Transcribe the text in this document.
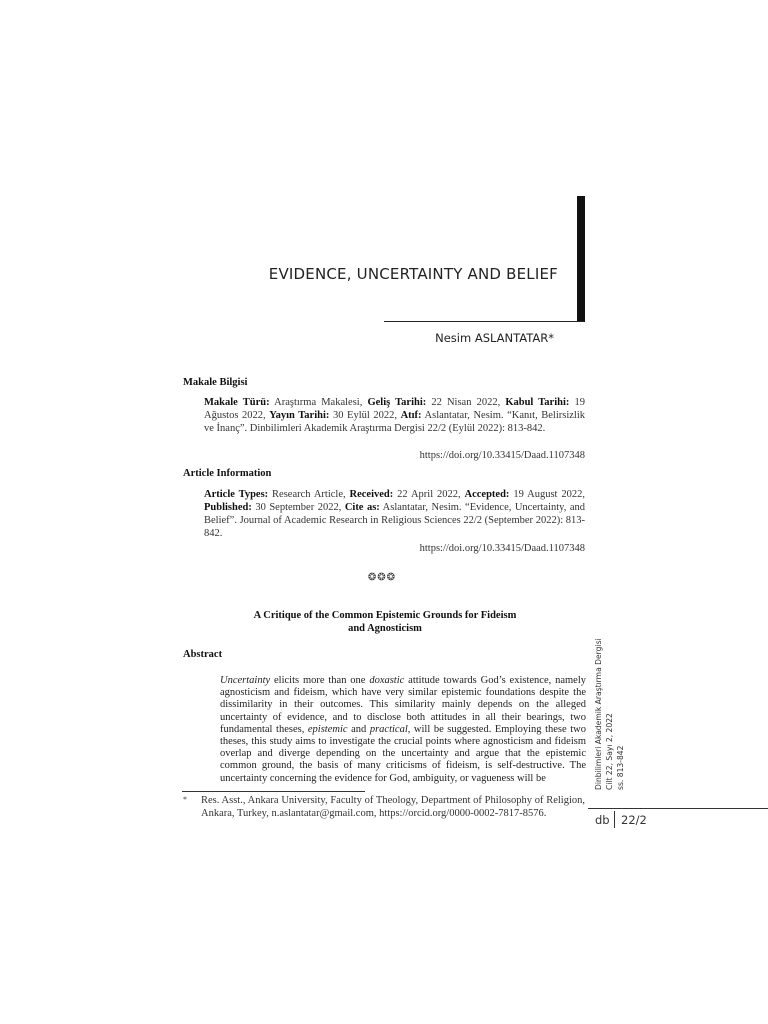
EVIDENCE, UNCERTAINTY AND BELIEF
Nesim ASLANTATAR*
Makale Bilgisi
Makale Türü: Araştırma Makalesi, Geliş Tarihi: 22 Nisan 2022, Kabul Tarihi: 19 Ağustos 2022, Yayın Tarihi: 30 Eylül 2022, Atıf: Aslantatar, Nesim. “Kanıt, Belirsizlik ve İnanç”. Dinbilimleri Akademik Araştırma Dergisi 22/2 (Eylül 2022): 813-842.
https://doi.org/10.33415/Daad.1107348
Article Information
Article Types: Research Article, Received: 22 April 2022, Accepted: 19 August 2022, Published: 30 September 2022, Cite as: Aslantatar, Nesim. “Evidence, Uncertainty, and Belief”. Journal of Academic Research in Religious Sciences 22/2 (September 2022): 813-842.
https://doi.org/10.33415/Daad.1107348
❂❂❂
A Critique of the Common Epistemic Grounds for Fideism
and Agnosticism
Abstract
Uncertainty elicits more than one doxastic attitude towards God’s existence, namely agnosticism and fideism, which have very similar epistemic foundations despite the dissimilarity in their outcomes. This similarity mainly depends on the alleged uncertainty of evidence, and to disclose both attitudes in all their bearings, two fundamental theses, epistemic and practical, will be suggested. Employing these two theses, this study aims to investigate the crucial points where agnosticism and fideism overlap and diverge depending on the uncertainty and argue that the epistemic common ground, the basis of many criticisms of fideism, is self-destructive. The uncertainty concerning the evidence for God, ambiguity, or vagueness will be
* Res. Asst., Ankara University, Faculty of Theology, Department of Philosophy of Religion, Ankara, Turkey, n.aslantatar@gmail.com, https://orcid.org/0000-0002-7817-8576.
Dinbilimleri Akademik Araştırma Dergisi Cilt 22, Sayı 2, 2022 ss. 813-842
db 22/2
